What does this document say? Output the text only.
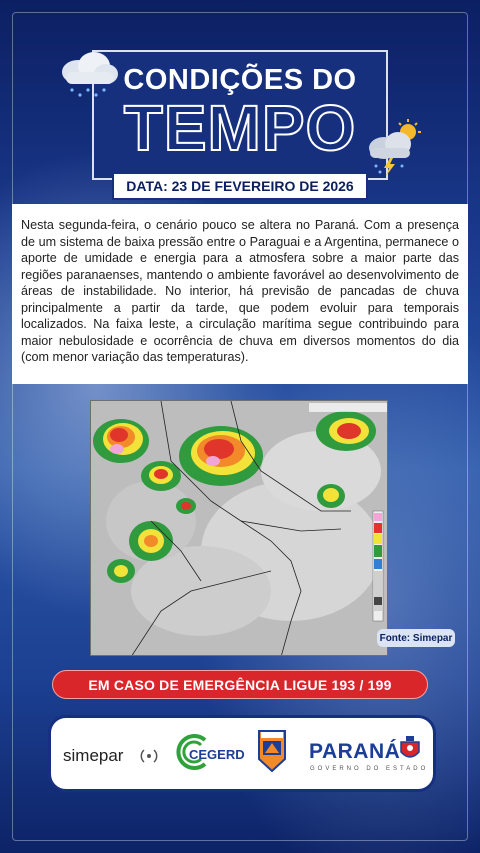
CONDIÇÕES DO
TEMPO
DATA: 23 DE FEVEREIRO DE 2026

Nesta segunda-feira, o cenário pouco se altera no Paraná. Com a presença de um sistema de baixa pressão entre o Paraguai e a Argentina, permanece o aporte de umidade e energia para a atmosfera sobre a maior parte das regiões paranaenses, mantendo o ambiente favorável ao desenvolvimento de áreas de instabilidade. No interior, há previsão de pancadas de chuva principalmente a partir da tarde, que podem evoluir para temporais localizados. Na faixa leste, a circulação marítima segue contribuindo para maior nebulosidade e ocorrência de chuva em diversos momentos do dia (com menor variação das temperaturas).

Fonte: Simepar
EM CASO DE EMERGÊNCIA LIGUE 193 / 199
simepar	CEGERD	PARANÁ
GOVERNO DO ESTADO
